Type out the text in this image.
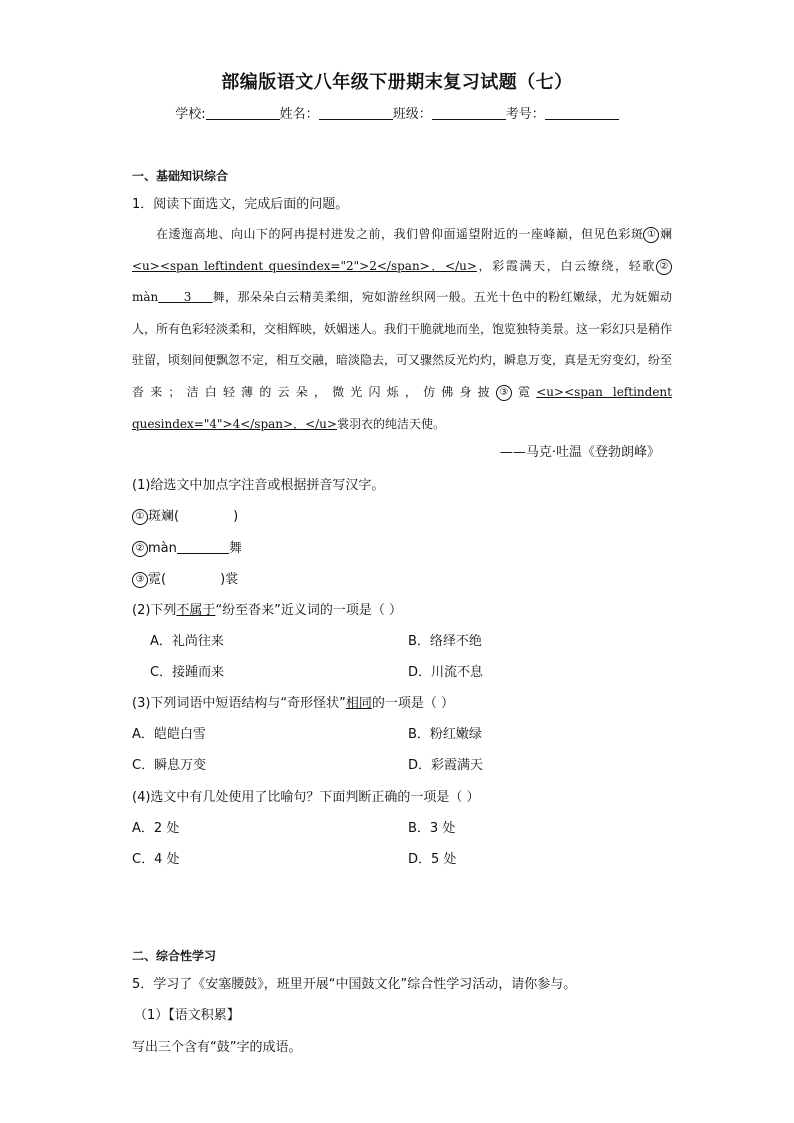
部编版语文八年级下册期末复习试题（七）
学校:	姓名：	班级：	考号：
一、基础知识综合
1．阅读下面选文，完成后面的问题。
在逶迤高地、向山下的阿冉提村进发之前，我们曾仰面遥望附近的一座峰巅，但见色彩斑 ① 斓<u><span leftindent quesindex="2">2</span>．</u>，彩霞满天，白云缭绕，轻歌 ②màn 3 舞，那朵朵白云精美柔细，宛如游丝织网一般。五光十色中的粉红嫩绿，尤为妩媚动人，所有色彩轻淡柔和，交相辉映，妖媚迷人。我们干脆就地而坐，饱览独特美景。这一彩幻只是稍作驻留，顷刻间便飘忽不定，相互交融，暗淡隐去，可又骤然反光灼灼，瞬息万变，真是无穷变幻，纷至沓来；洁白轻薄的云朵，微光闪烁，仿佛身披 ③ 霓<u><span leftindent quesindex="4">4</span>．</u>裳羽衣的纯洁天使。
——马克·吐温《登勃朗峰》
(1)给选文中加点字注音或根据拼音写汉字。
① 斑斓(	)
② màn	舞
③ 霓(	)裳
(2)下列不属于“纷至沓来”近义词的一项是（ ）
A．礼尚往来	B．络绎不绝
C．接踵而来	D．川流不息
(3)下列词语中短语结构与“奇形怪状”相同的一项是（ ）
A．皑皑白雪	B．粉红嫩绿
C．瞬息万变	D．彩霞满天
(4)选文中有几处使用了比喻句？下面判断正确的一项是（ ）
A．2 处	B．3 处
C．4 处	D．5 处
二、综合性学习
5．学习了《安塞腰鼓》，班里开展“中国鼓文化”综合性学习活动，请你参与。
（1）【语文积累】
写出三个含有“鼓”字的成语。
